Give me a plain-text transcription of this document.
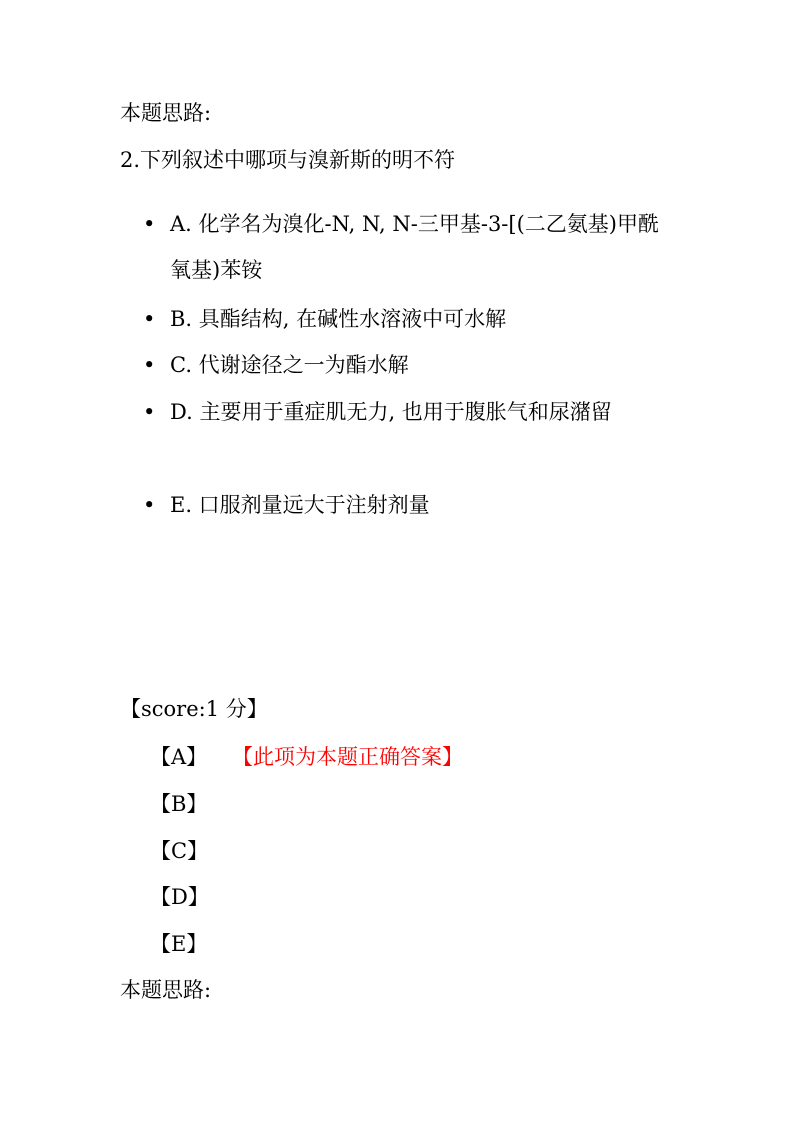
本题思路:
2.下列叙述中哪项与溴新斯的明不符
• A. 化学名为溴化-N, N, N-三甲基-3-[(二乙氨基)甲酰氧基)苯铵
• B. 具酯结构, 在碱性水溶液中可水解
• C. 代谢途径之一为酯水解
• D. 主要用于重症肌无力, 也用于腹胀气和尿潴留
• E. 口服剂量远大于注射剂量
【score:1 分】
【A】 【此项为本题正确答案】
【B】
【C】
【D】
【E】
本题思路:
